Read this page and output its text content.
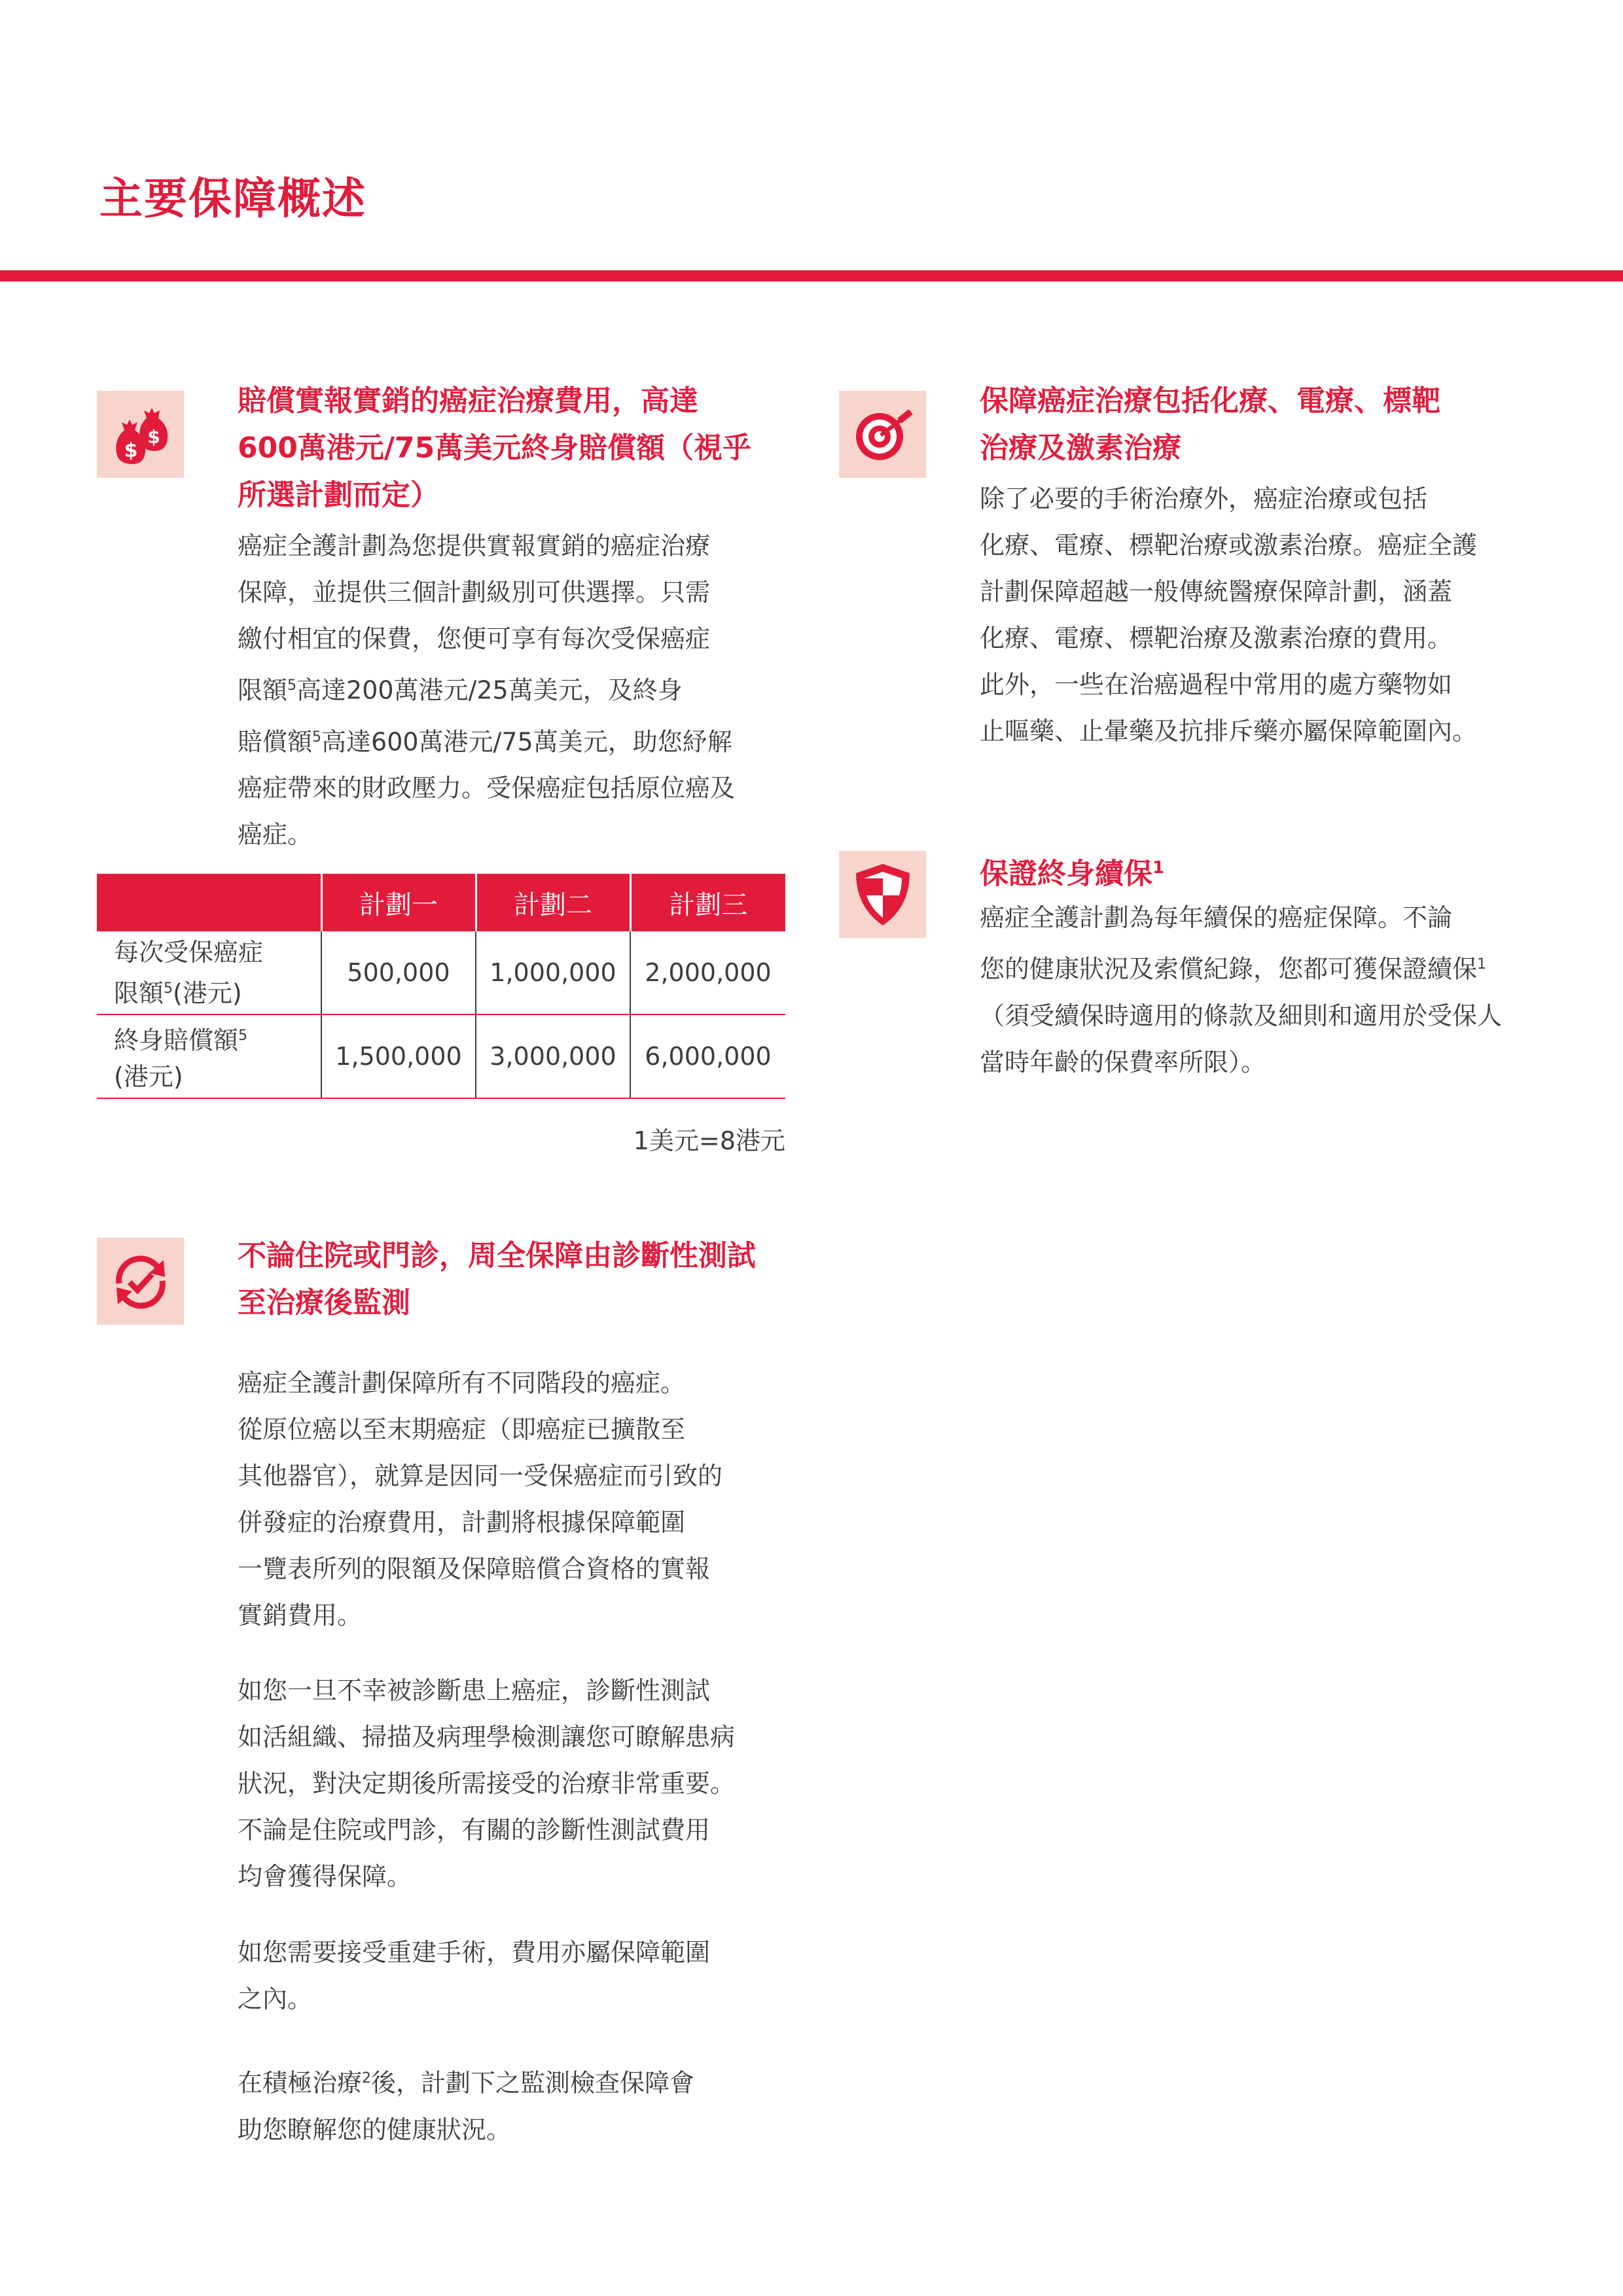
主要保障概述
$
$
賠償實報實銷的癌症治療費用，高達
600萬港元/75萬美元終身賠償額（視乎
所選計劃而定）
癌症全護計劃為您提供實報實銷的癌症治療
保障，並提供三個計劃級別可供選擇。只需
繳付相宜的保費，您便可享有每次受保癌症
限額$^5$高達200萬港元/25萬美元，及終身
賠償額$^5$高達600萬港元/75萬美元，助您紓解
癌症帶來的財政壓力。受保癌症包括原位癌及
癌症。
	計劃一	計劃二	計劃三

每次受保癌症
限額$^5$(港元)	500,000	1,000,000	2,000,000

終身賠償額$^5$
(港元)	1,500,000	3,000,000	6,000,000

1美元=8港元

保障癌症治療包括化療、電療、標靶
治療及激素治療
除了必要的手術治療外，癌症治療或包括
化療、電療、標靶治療或激素治療。癌症全護
計劃保障超越一般傳統醫療保障計劃，涵蓋
化療、電療、標靶治療及激素治療的費用。
此外，一些在治癌過程中常用的處方藥物如
止嘔藥、止暈藥及抗排斥藥亦屬保障範圍內。
保證終身續保$^1$
癌症全護計劃為每年續保的癌症保障。不論
您的健康狀況及索償紀錄，您都可獲保證續保$^1$
（須受續保時適用的條款及細則和適用於受保人
當時年齡的保費率所限）。
不論住院或門診，周全保障由診斷性測試
至治療後監測
癌症全護計劃保障所有不同階段的癌症。
從原位癌以至末期癌症（即癌症已擴散至
其他器官），就算是因同一受保癌症而引致的
併發症的治療費用，計劃將根據保障範圍
一覽表所列的限額及保障賠償合資格的實報
實銷費用。
如您一旦不幸被診斷患上癌症，診斷性測試
如活組織、掃描及病理學檢測讓您可瞭解患病
狀況，對決定期後所需接受的治療非常重要。
不論是住院或門診，有關的診斷性測試費用
均會獲得保障。
如您需要接受重建手術，費用亦屬保障範圍
之內。
在積極治療$^2$後，計劃下之監測檢查保障會
助您瞭解您的健康狀況。
